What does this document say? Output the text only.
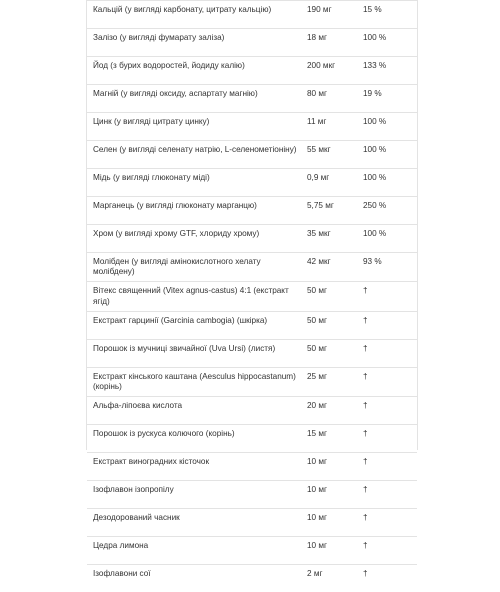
Кальцій (у вигляді карбонату, цитрату кальцію)	190 мг	15 %
Залізо (у вигляді фумарату заліза)	18 мг	100 %
Йод (з бурих водоростей, йодиду калію)	200 мкг	133 %
Магній (у вигляді оксиду, аспартату магнію)	80 мг	19 %
Цинк (у вигляді цитрату цинку)	11 мг	100 %
Селен (у вигляді селенату натрію, L-селенометіоніну)	55 мкг	100 %
Мідь (у вигляді глюконату міді)	0,9 мг	100 %
Марганець (у вигляді глюконату марганцю)	5,75 мг	250 %
Хром (у вигляді хрому GTF, хлориду хрому)	35 мкг	100 %
Молібден (у вигляді амінокислотного хелату молібдену)	42 мкг	93 %
Вітекс священний (Vitex agnus-castus) 4:1 (екстракт ягід)	50 мг	†
Екстракт гарцинії (Garcinia cambogia) (шкірка)	50 мг	†
Порошок із мучниці звичайної (Uva Ursi) (листя)	50 мг	†
Екстракт кінського каштана (Aesculus hippocastanum) (корінь)	25 мг	†
Альфа-ліпоєва кислота	20 мг	†
Порошок із рускуса колючого (корінь)	15 мг	†
Екстракт виноградних кісточок	10 мг	†
Ізофлавон ізопропілу	10 мг	†
Дезодорований часник	10 мг	†
Цедра лимона	10 мг	†
Ізофлавони сої	2 мг	†
